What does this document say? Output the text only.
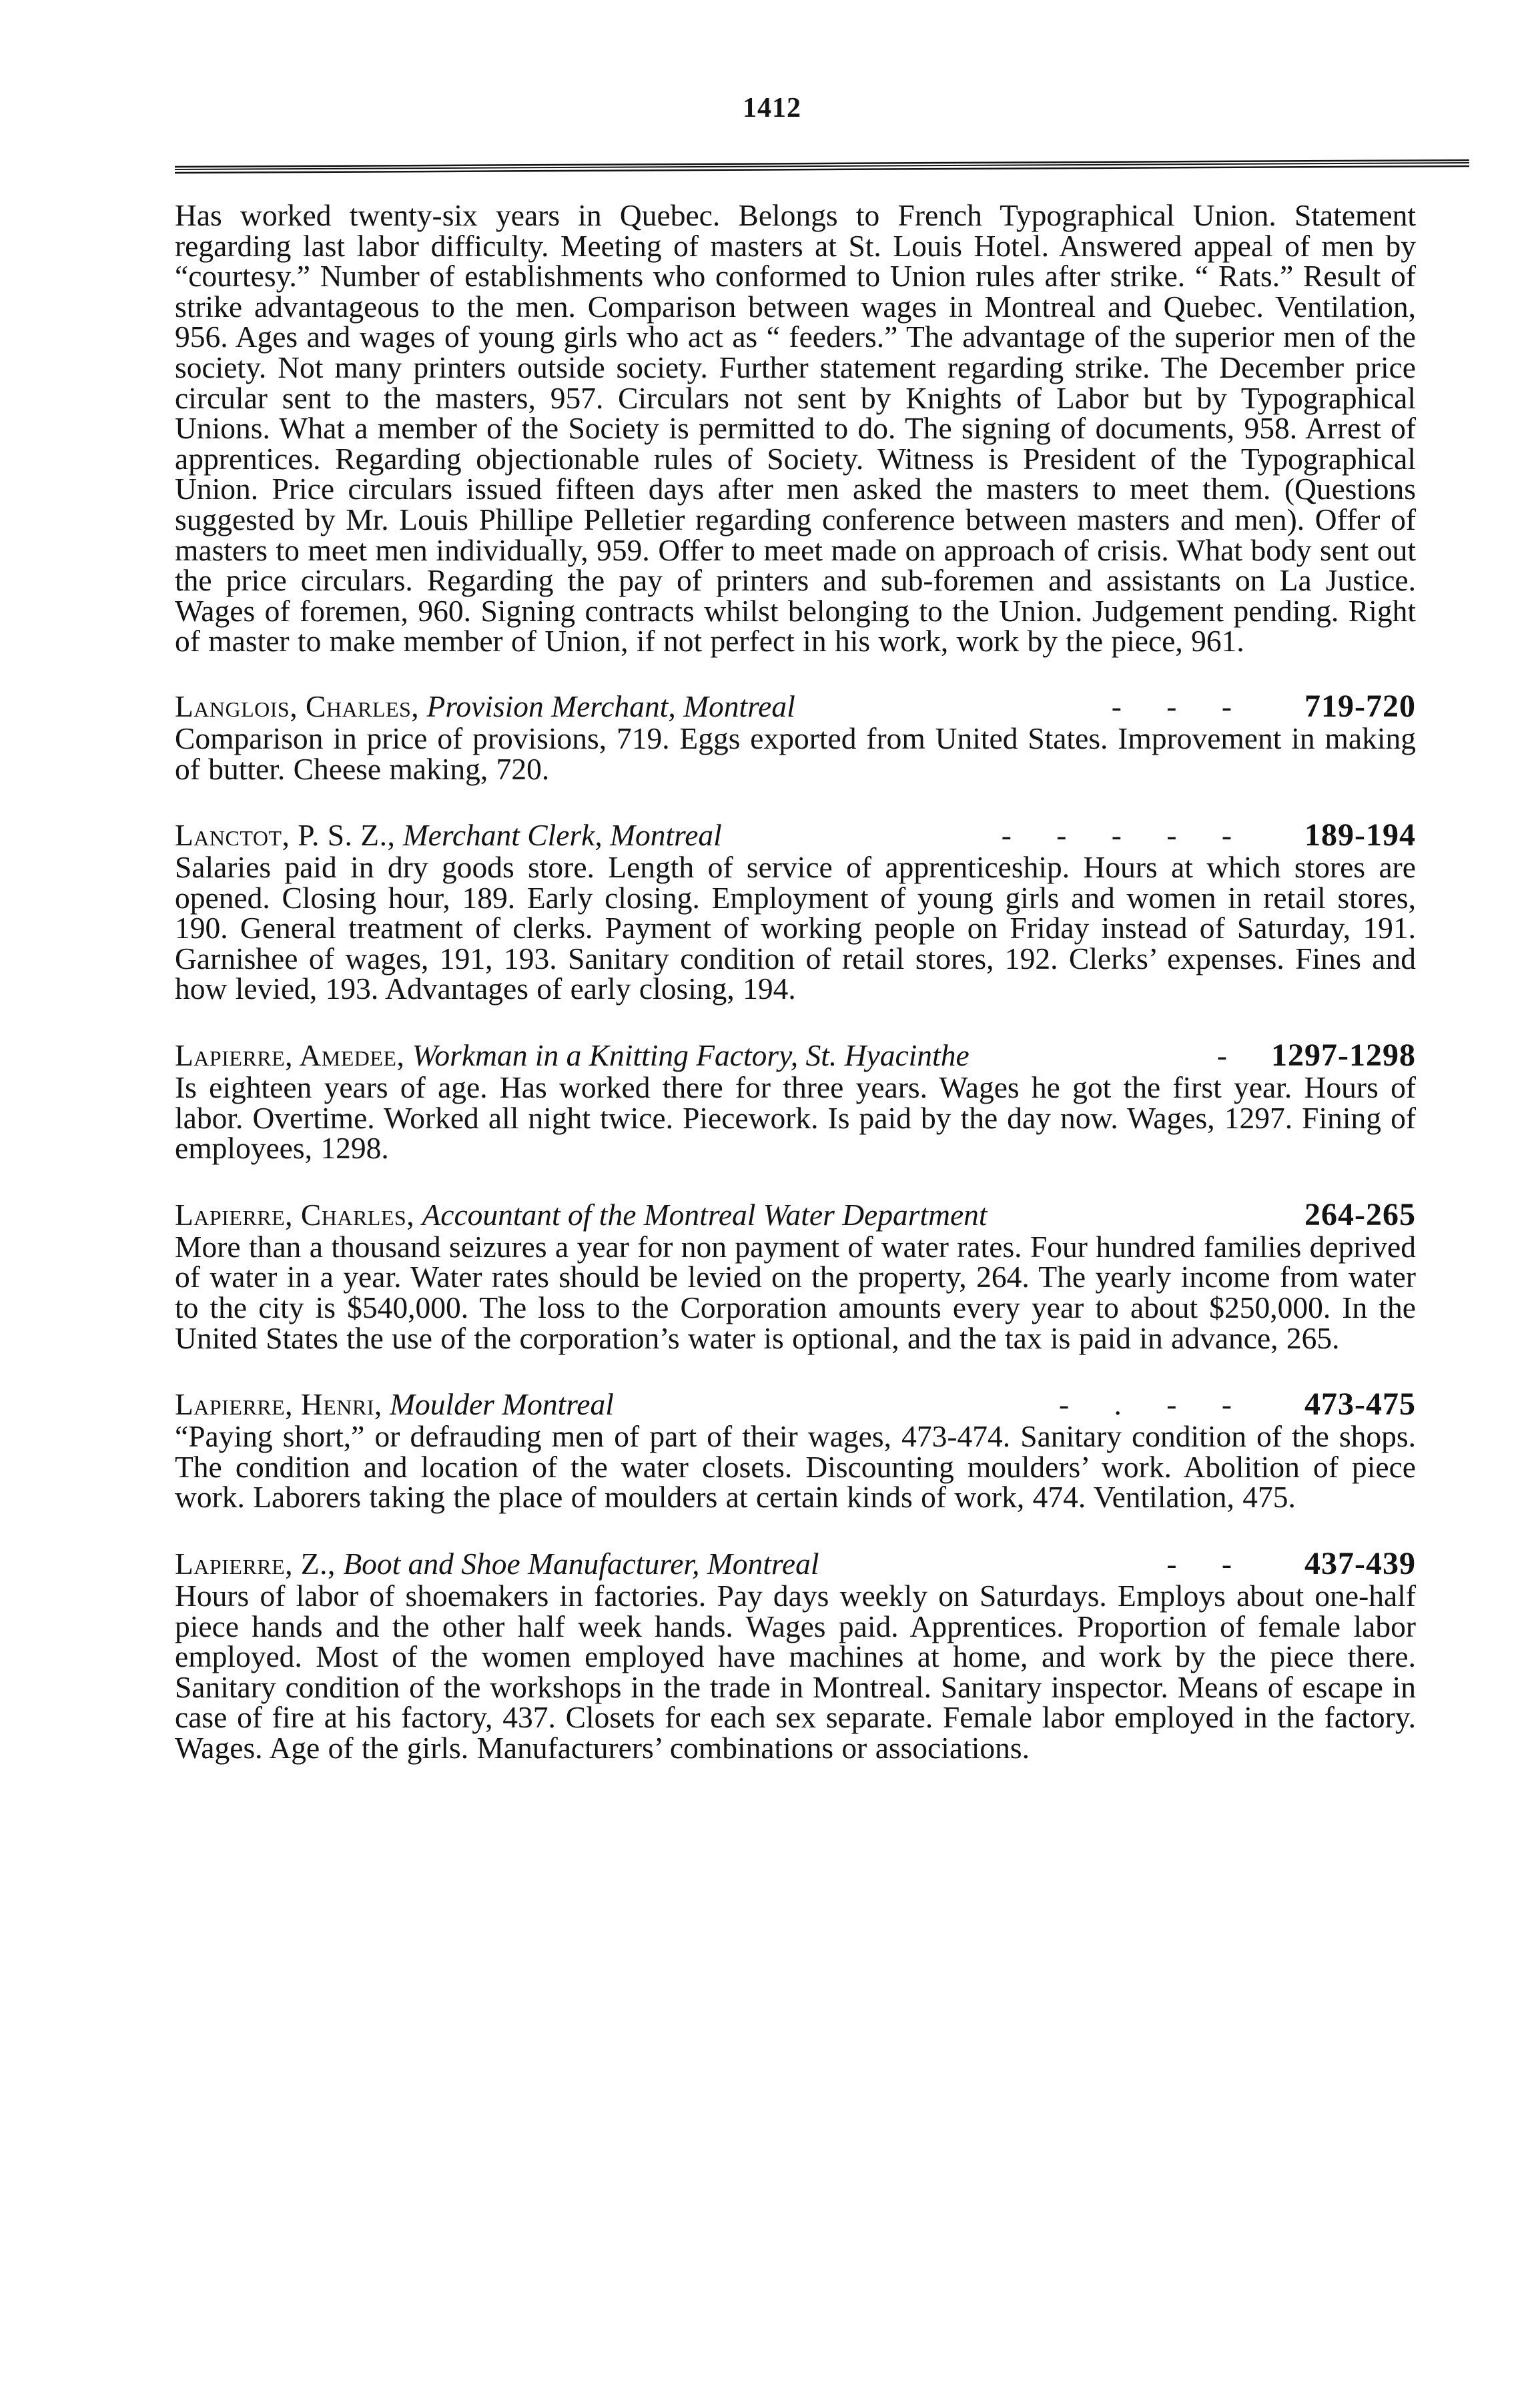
1412

Has worked twenty-six years in Quebec. Belongs to French Typographical Union. Statement regarding last labor difficulty. Meeting of masters at St. Louis Hotel. Answered appeal of men by “courtesy.” Number of establishments who conformed to Union rules after strike. “ Rats.” Result of strike advantageous to the men. Comparison between wages in Montreal and Quebec. Ventilation, 956. Ages and wages of young girls who act as “ feeders.” The advantage of the superior men of the society. Not many printers outside society. Further statement regarding strike. The December price circular sent to the masters, 957. Circulars not sent by Knights of Labor but by Typographical Unions. What a member of the Society is permitted to do. The signing of documents, 958. Arrest of apprentices. Regarding objectionable rules of Society. Witness is President of the Typographical Union. Price circulars issued fifteen days after men asked the masters to meet them. (Questions suggested by Mr. Louis Phillipe Pelletier regarding conference between masters and men). Offer of masters to meet men individually, 959. Offer to meet made on approach of crisis. What body sent out the price circulars. Regarding the pay of printers and sub-foremen and assistants on La Justice. Wages of foremen, 960. Signing contracts whilst belonging to the Union. Judgement pending. Right of master to make member of Union, if not perfect in his work, work by the piece, 961.

Langlois, Charles,
Provision Merchant, Montreal	- - -	719-720

Comparison in price of provisions, 719. Eggs exported from United States. Improvement in making of butter. Cheese making, 720.

Lanctot, P. S. Z.,
Merchant Clerk, Montreal	- - - - -	189-194

Salaries paid in dry goods store. Length of service of apprenticeship. Hours at which stores are opened. Closing hour, 189. Early closing. Employment of young girls and women in retail stores, 190. General treatment of clerks. Payment of working people on Friday instead of Saturday, 191. Garnishee of wages, 191, 193. Sanitary condition of retail stores, 192. Clerks’ expenses. Fines and how levied, 193. Advantages of early closing, 194.

Lapierre, Amedee,
Workman in a Knitting Factory, St. Hyacinthe	- 1297-1298

Is eighteen years of age. Has worked there for three years. Wages he got the first year. Hours of labor. Overtime. Worked all night twice. Piecework. Is paid by the day now. Wages, 1297. Fining of employees, 1298.

Lapierre, Charles,
Accountant of the Montreal Water Department	264-265

More than a thousand seizures a year for non payment of water rates. Four hundred families deprived of water in a year. Water rates should be levied on the property, 264. The yearly income from water to the city is $540,000. The loss to the Corporation amounts every year to about $250,000. In the United States the use of the corporation’s water is optional, and the tax is paid in advance, 265.

Lapierre, Henri,
Moulder Montreal	- . - -	473-475

“Paying short,” or defrauding men of part of their wages, 473-474. Sanitary condition of the shops. The condition and location of the water closets. Discounting moulders’ work. Abolition of piece work. Laborers taking the place of moulders at certain kinds of work, 474. Ventilation, 475.

Lapierre, Z.,
Boot and Shoe Manufacturer, Montreal	- -	437-439

Hours of labor of shoemakers in factories. Pay days weekly on Saturdays. Employs about one-half piece hands and the other half week hands. Wages paid. Apprentices. Proportion of female labor employed. Most of the women employed have machines at home, and work by the piece there. Sanitary condition of the workshops in the trade in Montreal. Sanitary inspector. Means of escape in case of fire at his factory, 437. Closets for each sex separate. Female labor employed in the factory. Wages. Age of the girls. Manufacturers’ combinations or associations.
